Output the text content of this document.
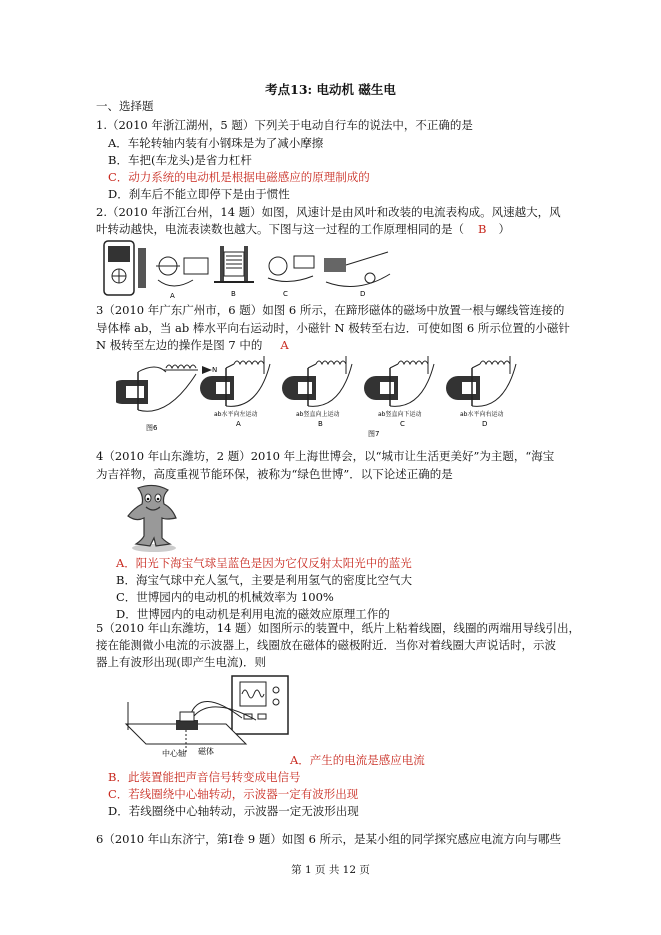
考点13: 电动机 磁生电
一、选择题
1.（2010 年浙江湖州，5 题）下列关于电动自行车的说法中，不正确的是
A．车轮转轴内装有小钢珠是为了减小摩擦
B．车把(车龙头)是省力杠杆
C．动力系统的电动机是根据电磁感应的原理制成的
D．刹车后不能立即停下是由于惯性
2.（2010 年浙江台州，14 题）如图，风速计是由风叶和改装的电流表构成。风速越大，风
叶转动越快，电流表读数也越大。下图与这一过程的工作原理相同的是（ B ）
A	B	C	D
3（2010 年广东广州市，6 题）如图 6 所示，在蹄形磁体的磁场中放置一根与螺线管连接的
导体棒 ab，当 ab 棒水平向右运动时，小磁针 N 极转至右边．可使如图 6 所示位置的小磁针
N 极转至左边的操作是图 7 中的 A
N
图6
ab水平向左运动
A
ab竖直向上运动
B
ab竖直向下运动
C
图7
ab水平向右运动
D
4（2010 年山东潍坊，2 题）2010 年上海世博会，以“城市让生活更美好”为主题，“海宝
为吉祥物，高度重视节能环保，被称为“绿色世博”．以下论述正确的是
A．阳光下海宝气球呈蓝色是因为它仅反射太阳光中的蓝光
B．海宝气球中充人氢气，主要是利用氢气的密度比空气大
C．世博园内的电动机的机械效率为 100%
D．世博园内的电动机是利用电流的磁效应原理工作的
5（2010 年山东潍坊，14 题）如图所示的装置中，纸片上粘着线圈，线圈的两端用导线引出，
接在能测微小电流的示波器上，线圈放在磁体的磁极附近．当你对着线圈大声说话时，示波
器上有波形出现(即产生电流)．则
中心轴 磁体
A．产生的电流是感应电流
B．此装置能把声音信号转变成电信号
C．若线圈绕中心轴转动，示波器一定有波形出现
D．若线圈绕中心轴转动，示波器一定无波形出现
6（2010 年山东济宁，第Ⅰ卷 9 题）如图 6 所示，是某小组的同学探究感应电流方向与哪些
第 1 页 共 12 页
